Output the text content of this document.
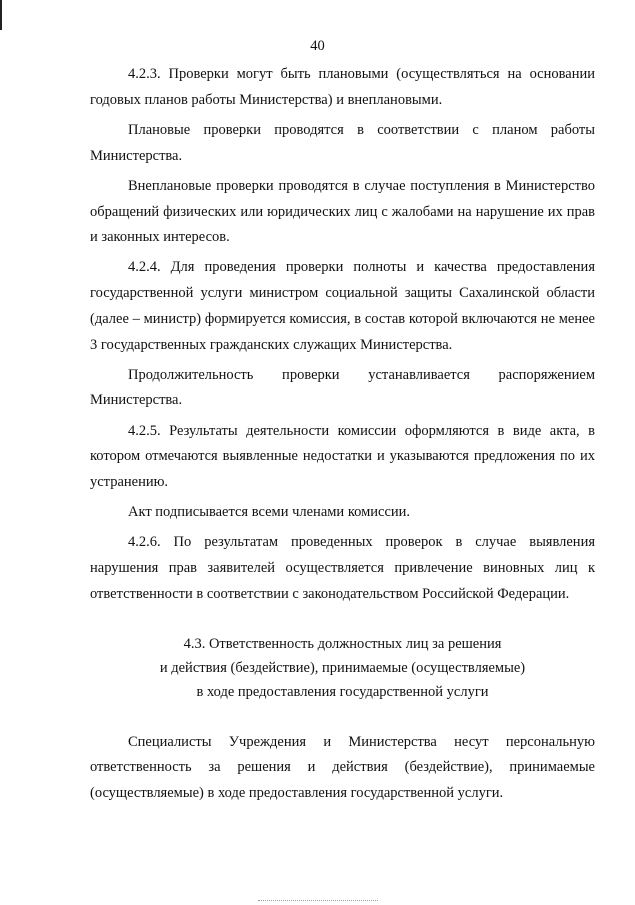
40

4.2.3. Проверки могут быть плановыми (осуществляться на основании годовых планов работы Министерства) и внеплановыми.

Плановые проверки проводятся в соответствии с планом работы Министерства.

Внеплановые проверки проводятся в случае поступления в Министерство обращений физических или юридических лиц с жалобами на нарушение их прав и законных интересов.

4.2.4. Для проведения проверки полноты и качества предоставления государственной услуги министром социальной защиты Сахалинской области (далее – министр) формируется комиссия, в состав которой включаются не менее 3 государственных гражданских служащих Министерства.

Продолжительность проверки устанавливается распоряжением Министерства.

4.2.5. Результаты деятельности комиссии оформляются в виде акта, в котором отмечаются выявленные недостатки и указываются предложения по их устранению.

Акт подписывается всеми членами комиссии.

4.2.6. По результатам проведенных проверок в случае выявления нарушения прав заявителей осуществляется привлечение виновных лиц к ответственности в соответствии с законодательством Российской Федерации.

4.3. Ответственность должностных лиц за решения
и действия (бездействие), принимаемые (осуществляемые)
в ходе предоставления государственной услуги

Специалисты Учреждения и Министерства несут персональную ответственность за решения и действия (бездействие), принимаемые (осуществляемые) в ходе предоставления государственной услуги.
